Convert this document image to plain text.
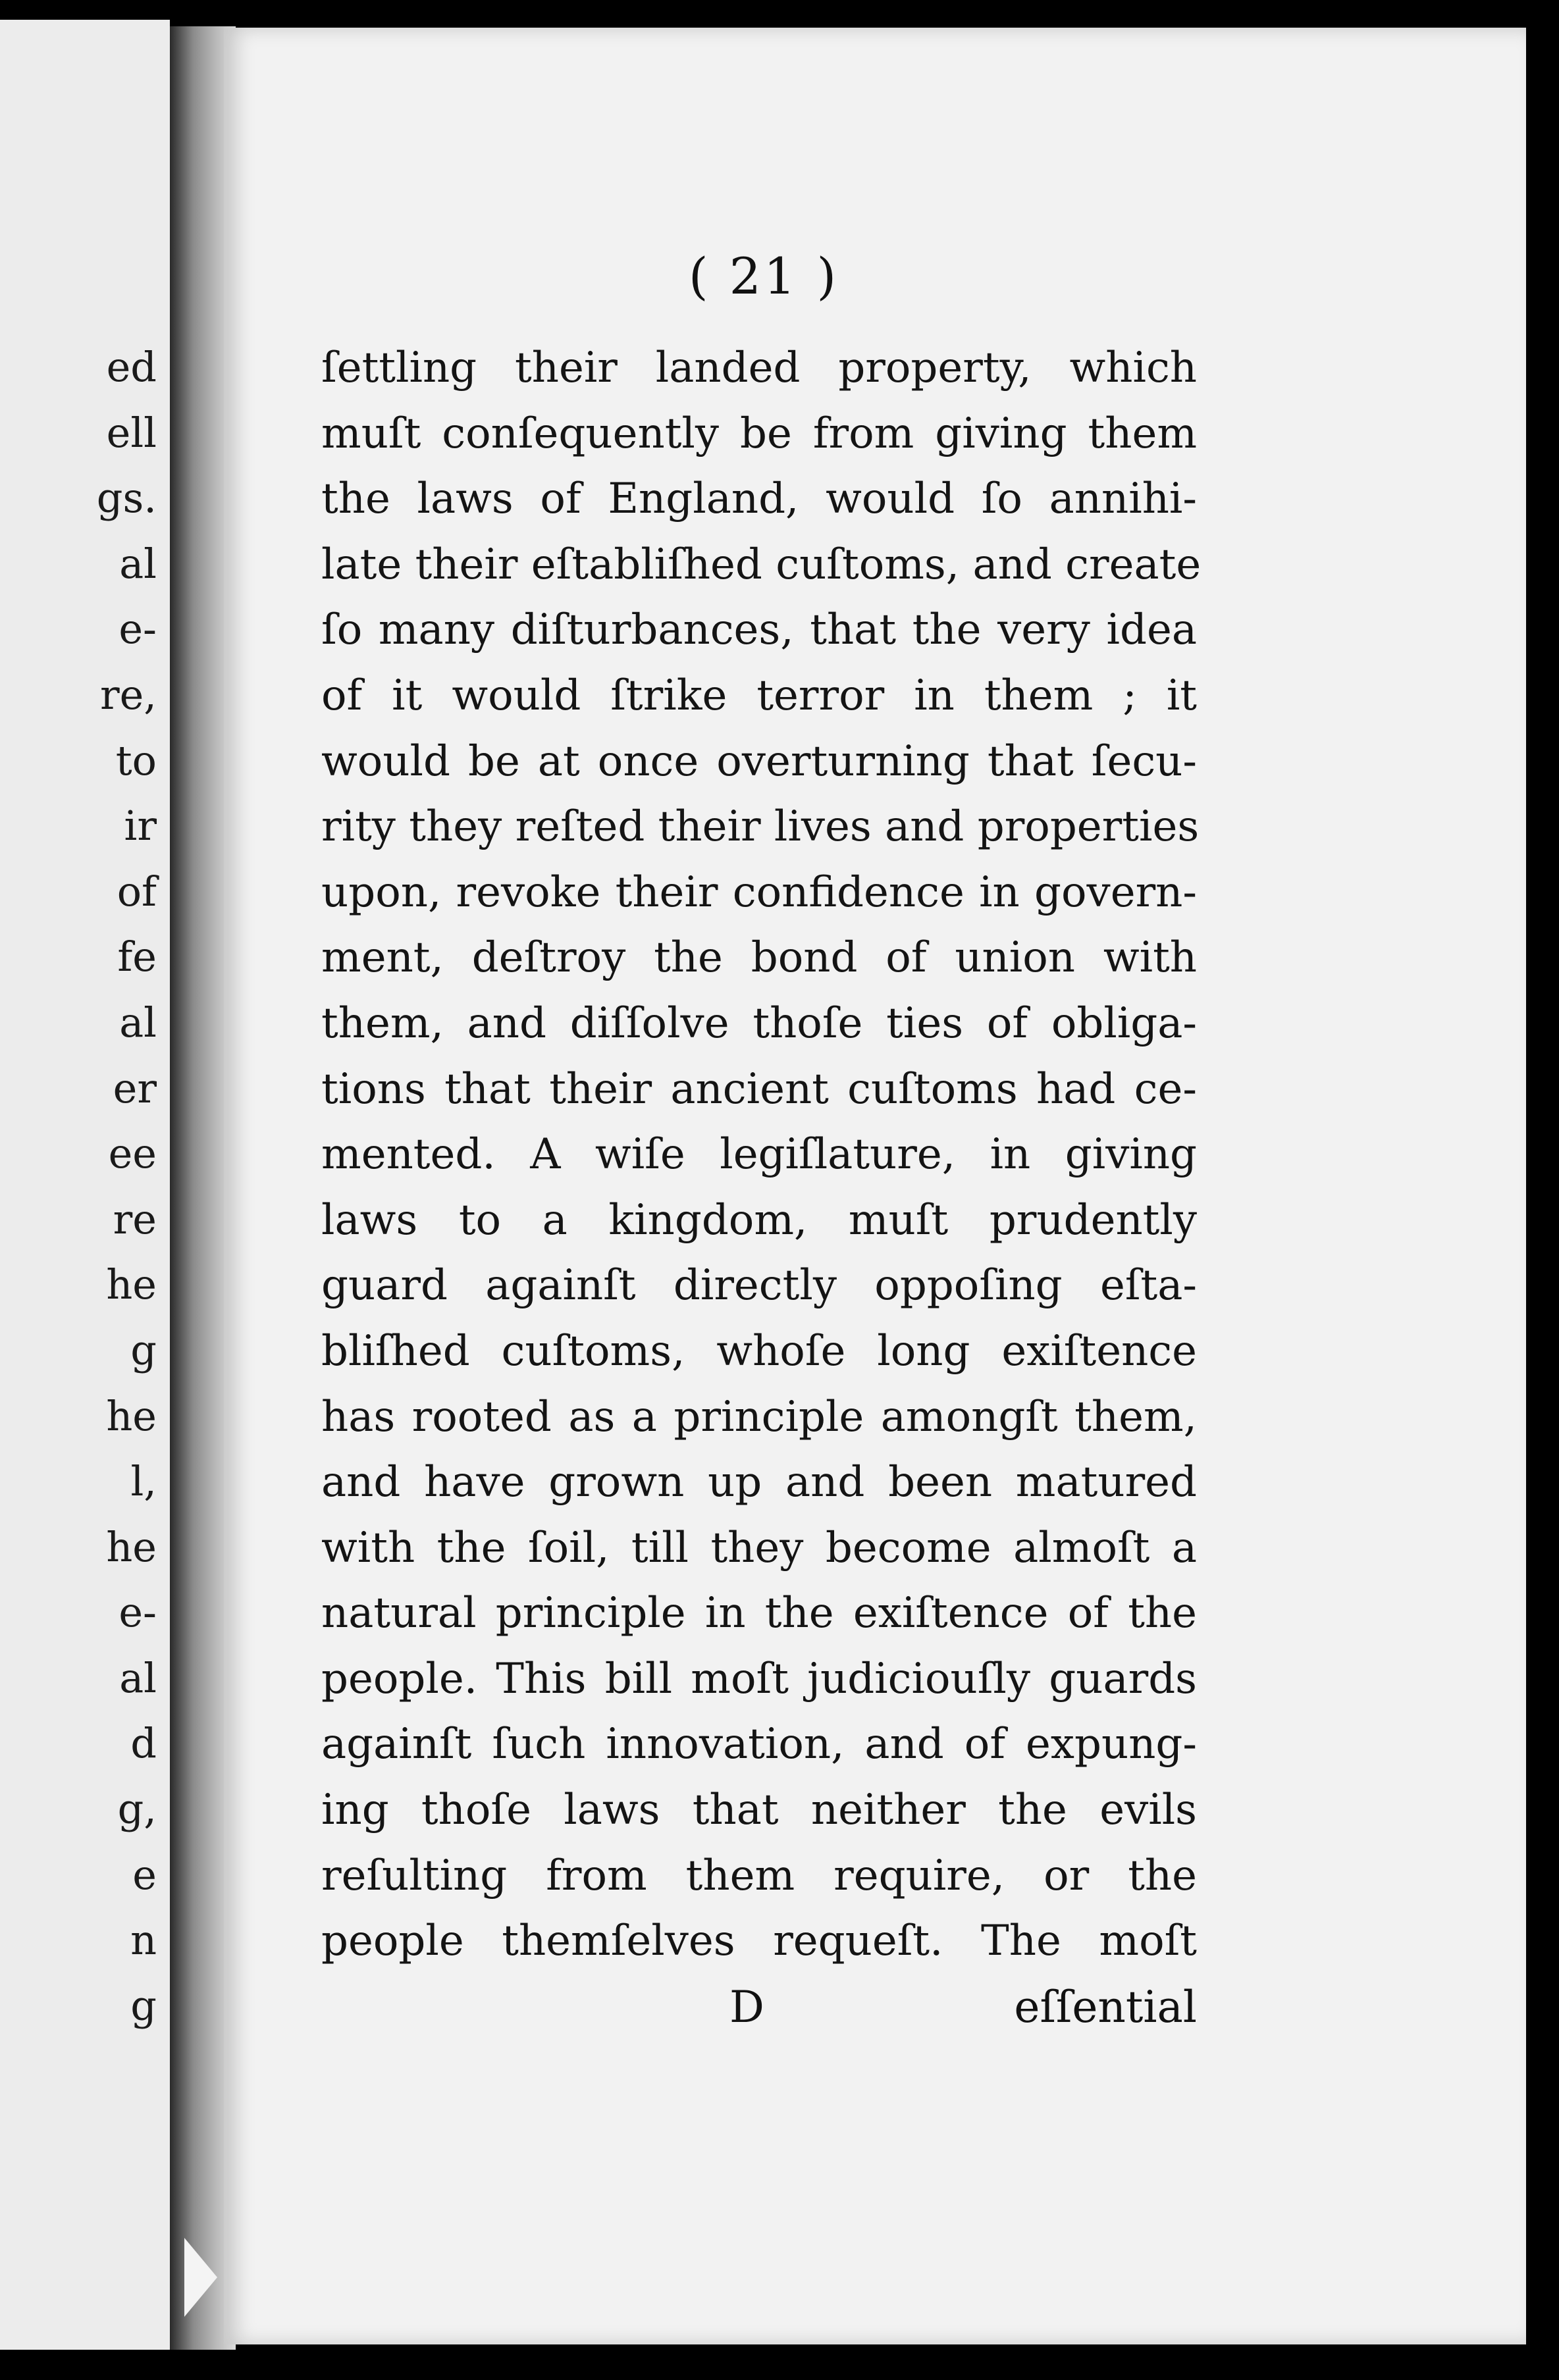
ed
ell
gs.
al
e-
re,
to
ir
of
fe
al
er
ee
re
he
g
he
l,
he
e-
al
d
g,
e
n
g
( 21 )
ſettling their landed property, which
muſt conſequently be from giving them
the laws of England, would ſo annihi-
late their eſtabliſhed cuſtoms, and create
ſo many diſturbances, that the very idea
of it would ſtrike terror in them ; it
would be at once overturning that ſecu-
rity they reſted their lives and properties
upon, revoke their confidence in govern-
ment, deſtroy the bond of union with
them, and diſſolve thoſe ties of obliga-
tions that their ancient cuſtoms had ce-
mented. A wiſe legiſlature, in giving
laws to a kingdom, muſt prudently
guard againſt directly oppoſing eſta-
bliſhed cuſtoms, whoſe long exiſtence
has rooted as a principle amongſt them,
and have grown up and been matured
with the ſoil, till they become almoſt a
natural principle in the exiſtence of the
people. This bill moſt judiciouſly guards
againſt ſuch innovation, and of expung-
ing thoſe laws that neither the evils
reſulting from them require, or the
people themſelves requeſt. The moſt
D	eſſential
